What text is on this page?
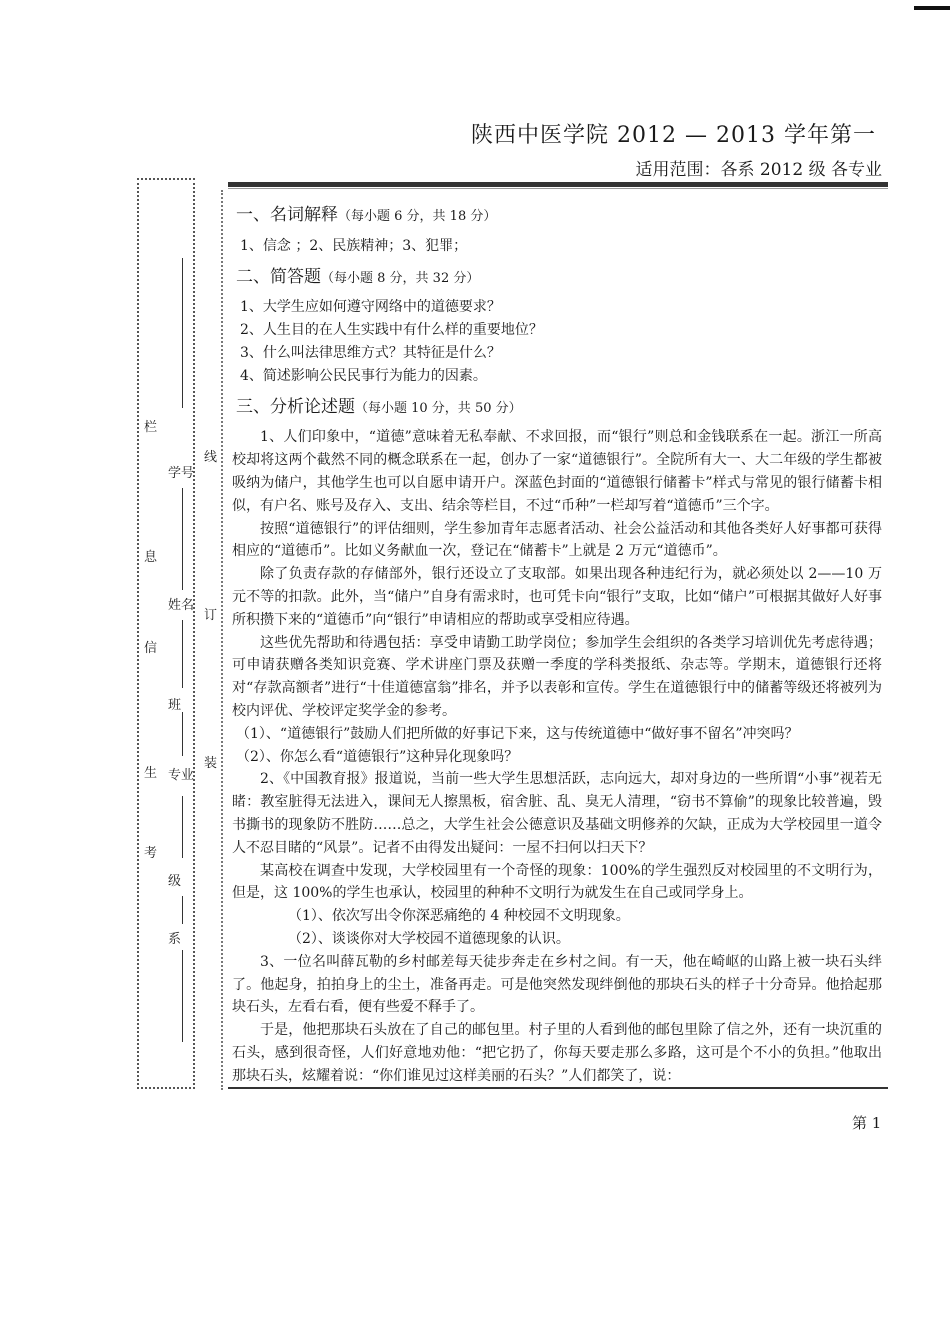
陕西中医学院 2012 — 2013 学年第一
适用范围：各系 2012 级 各专业
考
生
信
息
栏
学号
姓名
班
专业
级
系
装
订
线
一、名词解释（每小题 6 分，共 18 分）
1、信念 ；2、民族精神；3、犯罪；
二、简答题（每小题 8 分，共 32 分）
1、大学生应如何遵守网络中的道德要求？
2、人生目的在人生实践中有什么样的重要地位？
3、什么叫法律思维方式？其特征是什么？
4、简述影响公民民事行为能力的因素。
三、分析论述题（每小题 10 分，共 50 分）
1、人们印象中，“道德”意味着无私奉献、不求回报，而“银行”则总和金钱联系在一起。浙江一所高校却将这两个截然不同的概念联系在一起，创办了一家“道德银行”。全院所有大一、大二年级的学生都被吸纳为储户，其他学生也可以自愿申请开户。深蓝色封面的“道德银行储蓄卡”样式与常见的银行储蓄卡相似，有户名、账号及存入、支出、结余等栏目，不过“币种”一栏却写着“道德币”三个字。
按照“道德银行”的评估细则，学生参加青年志愿者活动、社会公益活动和其他各类好人好事都可获得相应的“道德币”。比如义务献血一次，登记在“储蓄卡”上就是 2 万元“道德币”。
除了负责存款的存储部外，银行还设立了支取部。如果出现各种违纪行为，就必须处以 2——10 万元不等的扣款。此外，当“储户”自身有需求时，也可凭卡向“银行”支取，比如“储户”可根据其做好人好事所积攒下来的“道德币”向“银行”申请相应的帮助或享受相应待遇。
这些优先帮助和待遇包括：享受申请勤工助学岗位；参加学生会组织的各类学习培训优先考虑待遇；可申请获赠各类知识竞赛、学术讲座门票及获赠一季度的学科类报纸、杂志等。学期末，道德银行还将对“存款高额者”进行“十佳道德富翁”排名，并予以表彰和宣传。学生在道德银行中的储蓄等级还将被列为校内评优、学校评定奖学金的参考。
（1）、“道德银行”鼓励人们把所做的好事记下来，这与传统道德中“做好事不留名”冲突吗？
（2）、你怎么看“道德银行”这种异化现象吗？
2、《中国教育报》报道说，当前一些大学生思想活跃，志向远大，却对身边的一些所谓“小事”视若无睹：教室脏得无法进入，课间无人擦黑板，宿舍脏、乱、臭无人清理，“窃书不算偷”的现象比较普遍，毁书撕书的现象防不胜防……总之，大学生社会公德意识及基础文明修养的欠缺，正成为大学校园里一道令人不忍目睹的“风景”。记者不由得发出疑问：一屋不扫何以扫天下？
某高校在调查中发现，大学校园里有一个奇怪的现象：100%的学生强烈反对校园里的不文明行为，但是，这 100%的学生也承认，校园里的种种不文明行为就发生在自己或同学身上。
（1）、依次写出令你深恶痛绝的 4 种校园不文明现象。
（2）、谈谈你对大学校园不道德现象的认识。
3、一位名叫薛瓦勒的乡村邮差每天徒步奔走在乡村之间。有一天，他在崎岖的山路上被一块石头绊了。他起身，拍拍身上的尘土，准备再走。可是他突然发现绊倒他的那块石头的样子十分奇异。他拾起那块石头，左看右看，便有些爱不释手了。
于是，他把那块石头放在了自己的邮包里。村子里的人看到他的邮包里除了信之外，还有一块沉重的石头，感到很奇怪，人们好意地劝他：“把它扔了，你每天要走那么多路，这可是个不小的负担。”他取出那块石头，炫耀着说：“你们谁见过这样美丽的石头？”人们都笑了，说：
第 1
